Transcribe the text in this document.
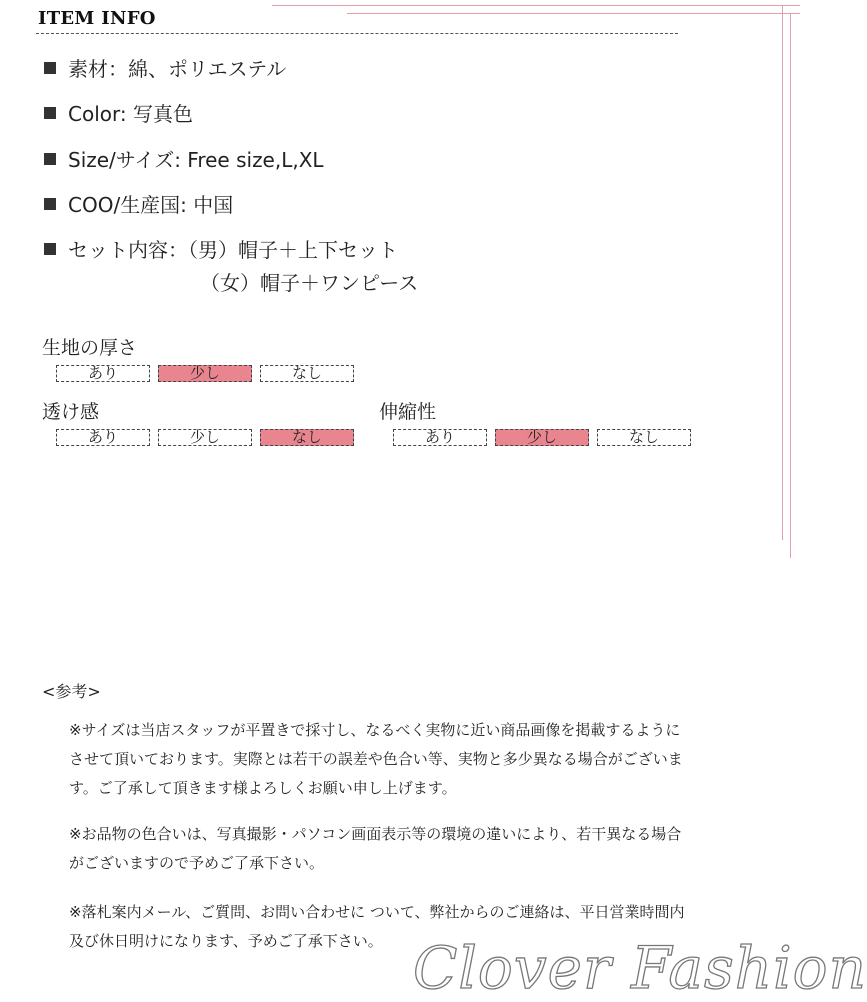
ITEM INFO
素材：綿、ポリエステル
Color: 写真色
Size/サイズ: Free size,L,XL
COO/生産国: 中国
セット内容：（男）帽子＋上下セット
（女）帽子＋ワンピース
生地の厚さ
あり	少し	なし
透け感
あり	少し	なし
伸縮性
あり	少し	なし
<参考>
※サイズは当店スタッフが平置きで採寸し、なるべく実物に近い商品画像を掲載するようにさせて頂いております。実際とは若干の誤差や色合い等、実物と多少異なる場合がございます。ご了承して頂きます様よろしくお願い申し上げます。
※お品物の色合いは、写真撮影・パソコン画面表示等の環境の違いにより、若干異なる場合がございますので予めご了承下さい。
※落札案内メール、ご質問、お問い合わせに ついて、弊社からのご連絡は、平日営業時間内及び休日明けになります、予めご了承下さい。 Clover Fashion
